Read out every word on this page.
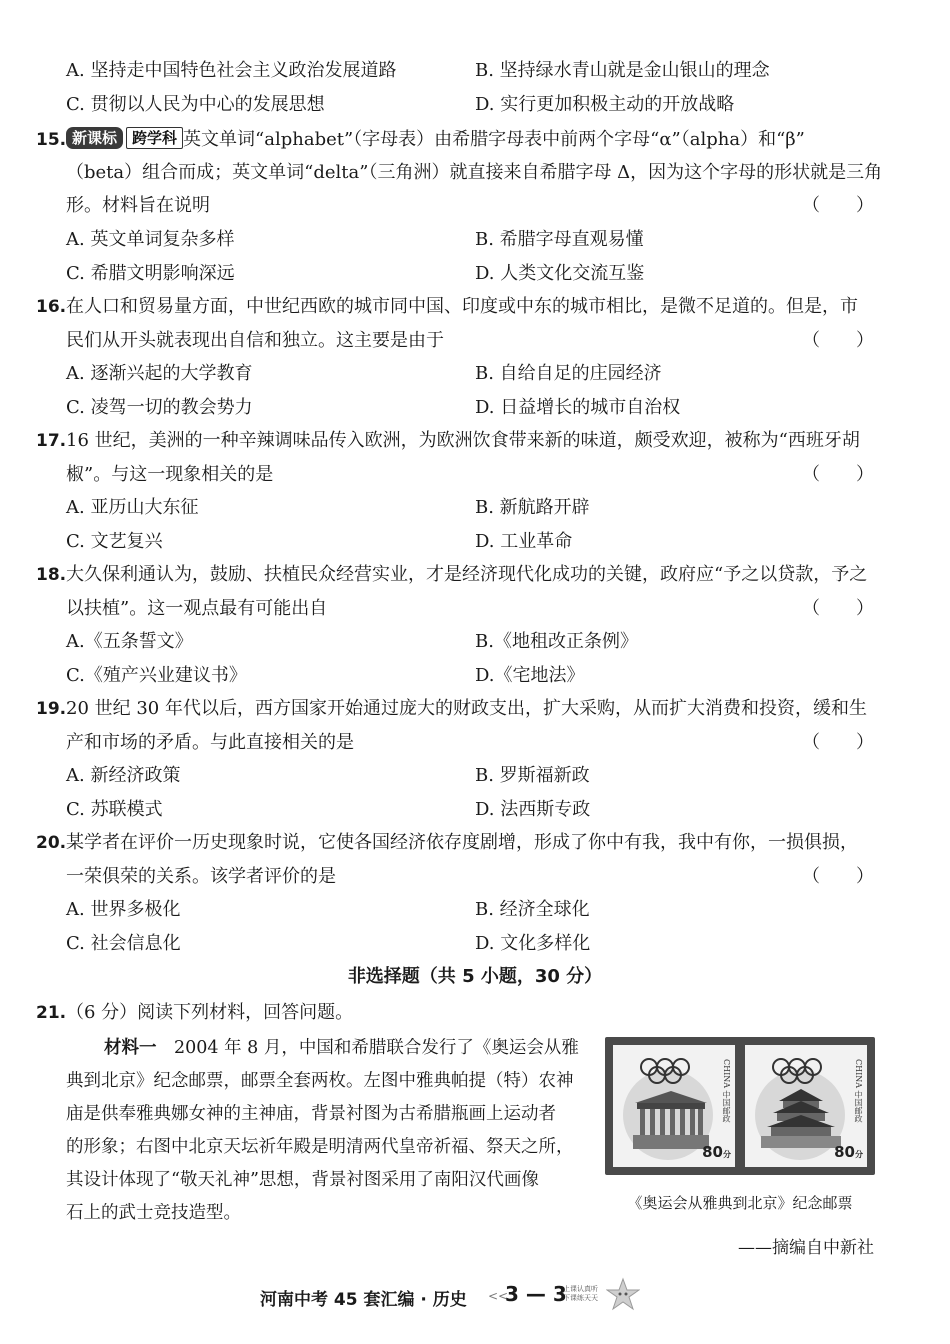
A. 坚持走中国特色社会主义政治发展道路	B. 坚持绿水青山就是金山银山的理念
C. 贯彻以人民为中心的发展思想	D. 实行更加积极主动的开放战略
15. 新课标 跨学科 英文单词“alphabet”（字母表）由希腊字母表中前两个字母“α”（alpha）和“β”
（beta）组合而成；英文单词“delta”（三角洲）就直接来自希腊字母 Δ，因为这个字母的形状就是三角
形。材料旨在说明	（　　）
A. 英文单词复杂多样	B. 希腊字母直观易懂
C. 希腊文明影响深远	D. 人类文化交流互鉴
16.在人口和贸易量方面，中世纪西欧的城市同中国、印度或中东的城市相比，是微不足道的。但是，市
民们从开头就表现出自信和独立。这主要是由于	（　　）
A. 逐渐兴起的大学教育	B. 自给自足的庄园经济
C. 凌驾一切的教会势力	D. 日益增长的城市自治权
17.16 世纪，美洲的一种辛辣调味品传入欧洲，为欧洲饮食带来新的味道，颇受欢迎，被称为“西班牙胡
椒”。与这一现象相关的是	（　　）
A. 亚历山大东征	B. 新航路开辟
C. 文艺复兴	D. 工业革命
18.大久保利通认为，鼓励、扶植民众经营实业，才是经济现代化成功的关键，政府应“予之以贷款，予之
以扶植”。这一观点最有可能出自	（　　）
A.《五条誓文》	B.《地租改正条例》
C.《殖产兴业建议书》	D.《宅地法》
19.20 世纪 30 年代以后，西方国家开始通过庞大的财政支出，扩大采购，从而扩大消费和投资，缓和生
产和市场的矛盾。与此直接相关的是	（　　）
A. 新经济政策	B. 罗斯福新政
C. 苏联模式	D. 法西斯专政
20.某学者在评价一历史现象时说，它使各国经济依存度剧增，形成了你中有我，我中有你，一损俱损，
一荣俱荣的关系。该学者评价的是	（　　）
A. 世界多极化	B. 经济全球化
C. 社会信息化	D. 文化多样化
非选择题（共 5 小题，30 分）
21.（6 分）阅读下列材料，回答问题。
材料一　2004 年 8 月，中国和希腊联合发行了《奥运会从雅
典到北京》纪念邮票，邮票全套两枚。左图中雅典帕提（特）农神
庙是供奉雅典娜女神的主神庙，背景衬图为古希腊瓶画上运动者
的形象；右图中北京天坛祈年殿是明清两代皇帝祈福、祭天之所，
其设计体现了“敬天礼神”思想，背景衬图采用了南阳汉代画像
石上的武士竞技造型。
CHINA 中国邮政
80分
CHINA 中国邮政
80分
《奥运会从雅典到北京》纪念邮票
——摘编自中新社
河南中考 45 套汇编 · 历史 <<
3 — 3
上课认真听
下课练天天
